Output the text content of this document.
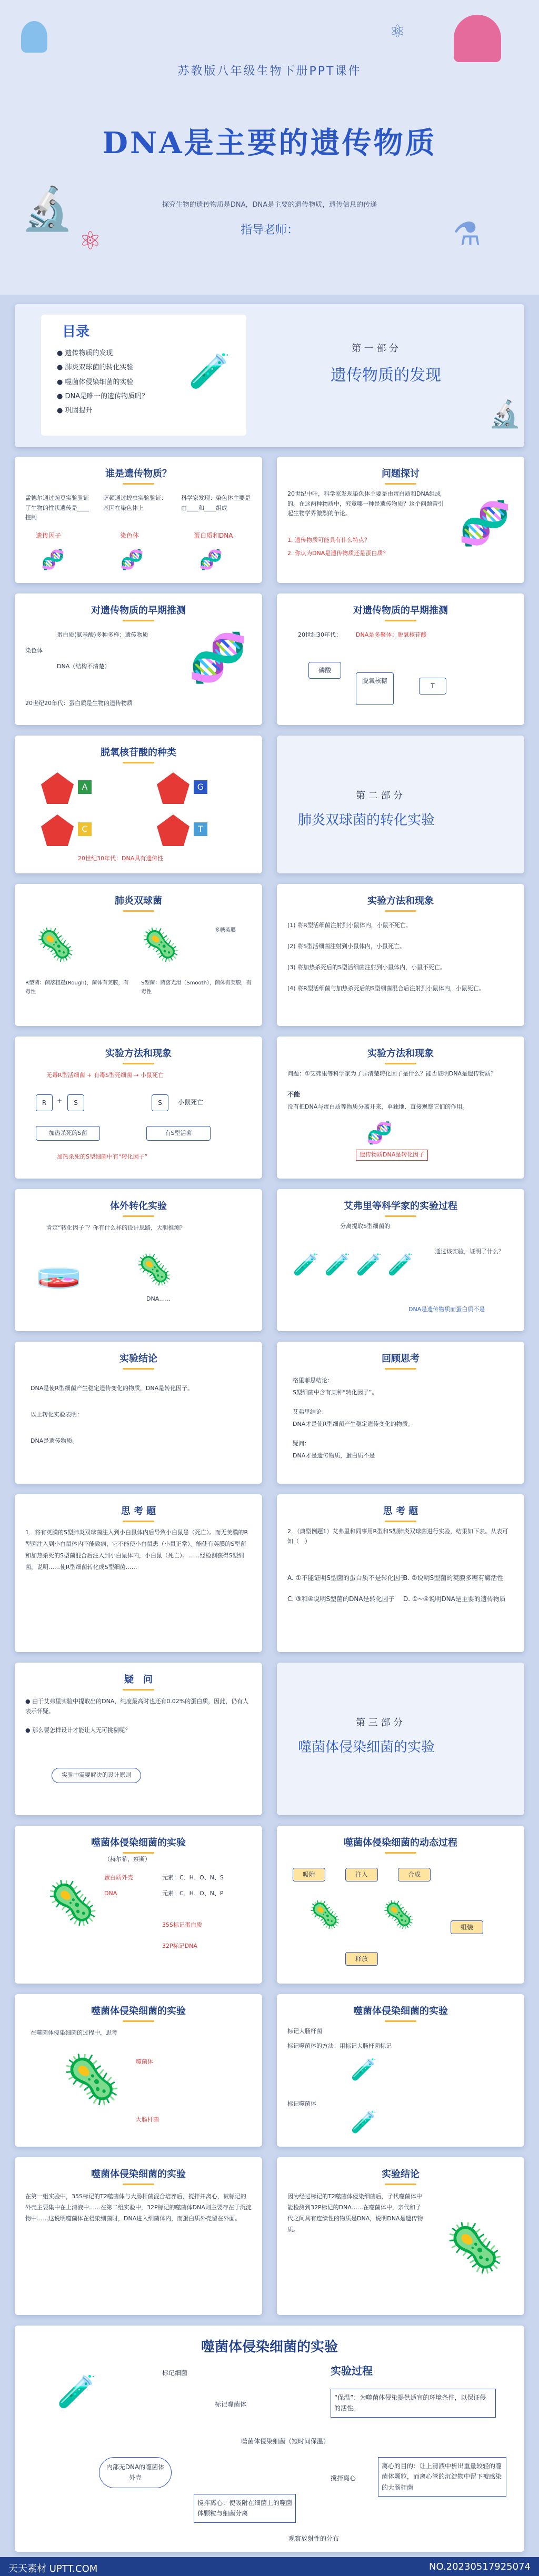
⚛
🔬
⚛	⚗
苏教版八年级生物下册PPT课件
DNA是主要的遗传物质
探究生物的遗传物质是DNA，DNA是主要的遗传物质，遗传信息的传递
指导老师：
目录
● 遗传物质的发现
● 肺炎双球菌的转化实验
● 噬菌体侵染细菌的实验
● DNA是唯一的遗传物质吗？
● 巩固提升
🧪
第 一 部 分
遗传物质的发现
🔬
谁是遗传物质？
孟德尔通过豌豆实验验证了生物的性状遗传是____控制
萨顿通过蝗虫实验验证：基因在染色体上
科学家发现：染色体主要是由____和____组成
遗传因子	染色体	蛋白质和DNA
🧬	🧬	🧬
问题探讨
20世纪中叶，科学家发现染色体主要是由蛋白质和DNA组成的。在这两种物质中，究竟哪一种是遗传物质？这个问题曾引起生物学界激烈的争论。
1. 遗传物质可能具有什么特点？
2. 你认为DNA是遗传物质还是蛋白质？
🧬
对遗传物质的早期推测
蛋白质(氨基酸)多种多样：遗传物质
染色体
DNA（结构不清楚）
20世纪20年代：蛋白质是生物的遗传物质
🧬
对遗传物质的早期推测
20世纪30年代： DNA是多聚体：脱氧核苷酸
磷酸
脱氧核糖
T
脱氧核苷酸的种类
A	G
C	T
20世纪30年代：DNA具有遗传性
第 二 部 分
肺炎双球菌的转化实验
肺炎双球菌
🦠 🦠	多糖荚膜
R型菌：菌落粗糙(Rough)，菌体有荚膜，有毒性
S型菌：菌落光滑（Smooth），菌体有荚膜，有毒性
实验方法和现象
(1) 将R型活细菌注射到小鼠体内，小鼠不死亡。
(2) 将S型活细菌注射到小鼠体内，小鼠死亡。
(3) 将加热杀死后的S型活细菌注射到小鼠体内，小鼠不死亡。
(4) 将R型活细菌与加热杀死后的S型细菌混合后注射到小鼠体内，小鼠死亡。
实验方法和现象
无毒R型活细菌 + 有毒S型死细菌 → 小鼠死亡
R	+	S	S	小鼠死亡
加热杀死的S菌	有S型活菌
加热杀死的S型细菌中有“转化因子”
实验方法和现象
问题：①艾弗里等科学家为了弄清楚转化因子是什么？能否证明DNA是遗传物质？
不能
没有把DNA与蛋白质等物质分离开来，单独地、直接观察它们的作用。
🧬
遗传物质DNA是转化因子
体外转化实验
肯定“转化因子”？你有什么样的设计思路，大胆推测？
🧫 🦠
DNA……
艾弗里等科学家的实验过程
分离提取S型细菌的
🧪 🧪 🧪 🧪
通过该实验，证明了什么？
DNA是遗传物质而蛋白质不是
实验结论
DNA是使R型细菌产生稳定遗传变化的物质，DNA是转化因子。
以上转化实验表明：
DNA是遗传物质。
回顾思考
格里菲思结论：
S型细菌中含有某种“转化因子”。
艾弗里结论：
DNA才是使R型细菌产生稳定遗传变化的物质。
疑问：
DNA才是遗传物质，蛋白质不是
思 考 题
1．将有英膜的S型肺炎双球菌注入到小白鼠体内后导致小白鼠患（死亡）。而无荚膜的R型菌注入到小白鼠体内不能致病，它不能使小白鼠患（小鼠正常）。能使有英膜的S型菌和加热杀死的S型菌混合后注入到小白鼠体内，小白鼠（死亡）。……经检测获得S型细菌，说明……使R型细菌转化成S型细菌……
思 考 题
2．（典型例题1）艾弗里和同事用R型和S型肺炎双球菌进行实验，结果如下表。从表可知（　）
A. ①不能证明S型菌的蛋白质不是转化因子
B. ②说明S型菌的荚膜多糖有酶活性
C. ③和④说明S型菌的DNA是转化因子 D. ①~④说明DNA是主要的遗传物质
疑　问
● 由于艾弗里实验中提取出的DNA，纯度最高时也还有0.02%的蛋白质，因此，仍有人表示怀疑。
● 那么要怎样设计才能让人无可挑剔呢？
实验中需要解决的设计原则
第 三 部 分
噬菌体侵染细菌的实验
噬菌体侵染细菌的实验
（赫尔希，蔡斯）
🦠
蛋白质外壳
DNA
元素：C、H、O、N、S
元素：C、H、O、N、P
35S标记蛋白质
32P标记DNA
噬菌体侵染细菌的动态过程
吸附	注入	合成
组装
释放
🦠 🦠
噬菌体侵染细菌的实验
在噬菌体侵染细菌的过程中，思考
🦠	噬菌体
大肠杆菌
噬菌体侵染细菌的实验
标记大肠杆菌
标记噬菌体的方法：用标记大肠杆菌标记
标记噬菌体
🧪
🧪
噬菌体侵染细菌的实验
在第一组实验中，35S标记的T2噬菌体与大肠杆菌混合培养后，搅拌并离心，被标记的外壳主要集中在上清液中……在第二组实验中，32P标记的噬菌体DNA则主要存在于沉淀物中……这说明噬菌体在侵染细菌时，DNA进入细菌体内，而蛋白质外壳留在外面。
实验结论
因为经过标记的T2噬菌体侵染细菌后，子代噬菌体中能检测到32P标记的DNA……在噬菌体中，亲代和子代之间具有连续性的物质是DNA，说明DNA是遗传物质。	🦠
噬菌体侵染细菌的实验
实验过程
标记细菌
标记噬菌体
噬菌体侵染细菌（短时间保温）
内部无DNA的噬菌体外壳	搅拌离心
搅拌离心：使吸附在细菌上的噬菌体颗粒与细菌分离
离心的目的：让上清液中析出重量较轻的噬菌体颗粒，而离心管的沉淀物中留下被感染的大肠杆菌
观察放射性的分布
“保温”：为噬菌体侵染提供适宜的环境条件，以保证侵的活性。
🧪
天天素材 UPTT.COM	NO.20230517925074
